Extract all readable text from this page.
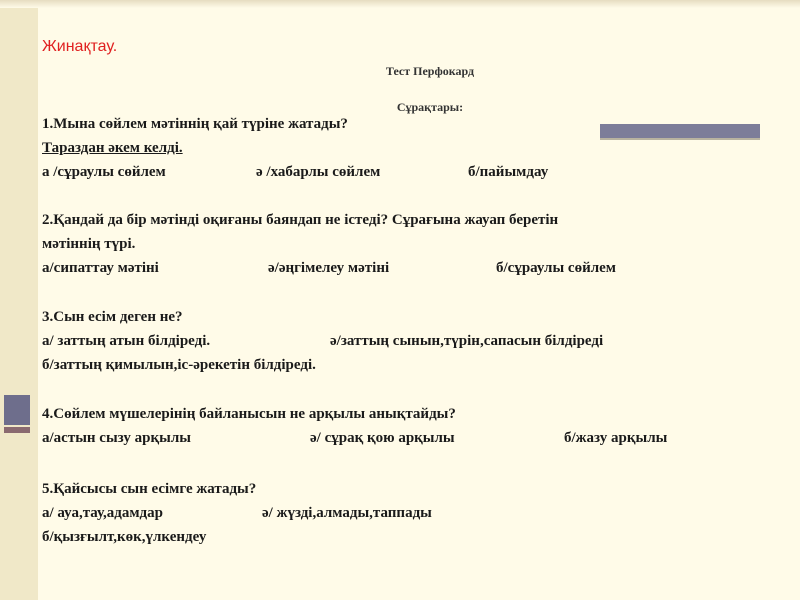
Жинақтау.

Тест Перфокард

Сұрақтары:

1.Мына сөйлем мәтіннің қай түріне жатады?

Тараздан әкем келді.

а /сұраулы сөйлем	ә /хабарлы сөйлем	б/пайымдау

2.Қандай да бір мәтінді оқиғаны баяндап не істеді? Сұрағына жауап беретін

мәтіннің түрі.

а/сипаттау мәтіні	ә/әңгімелеу мәтіні	б/сұраулы сөйлем

3.Сын есім деген не?

а/ заттың атын білдіреді.	ә/заттың сынын,түрін,сапасын білдіреді

б/заттың қимылын,іс-әрекетін білдіреді.

4.Сөйлем мүшелерінің байланысын не арқылы анықтайды?

а/астын сызу арқылы	ә/ сұрақ қою арқылы	б/жазу арқылы

5.Қайсысы сын есімге жатады?

а/ ауа,тау,адамдар	ә/ жүзді,алмады,таппады

б/қызғылт,көк,үлкендеу
